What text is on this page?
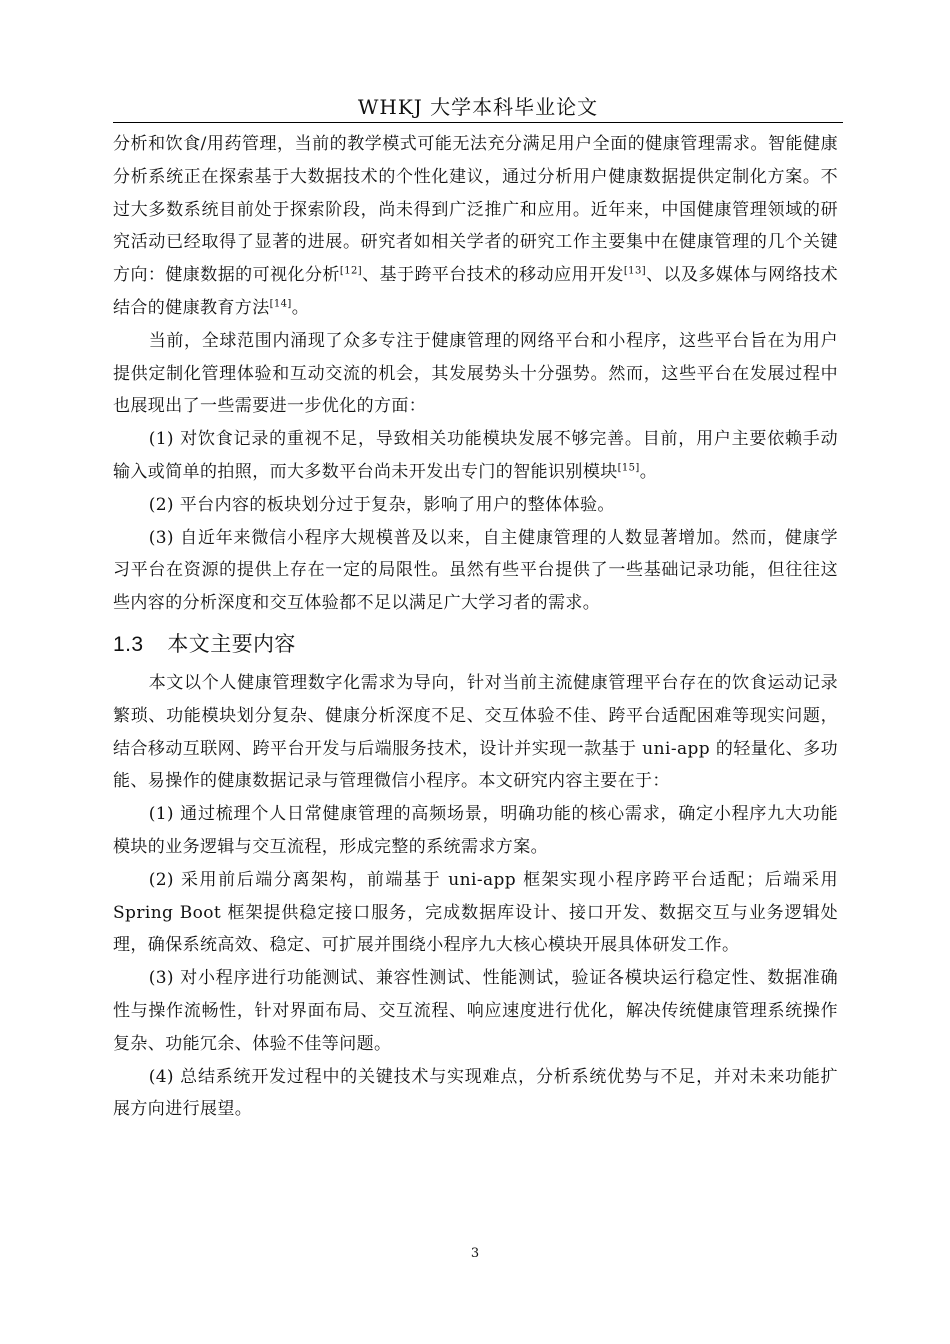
WHKJ 大学本科毕业论文

分析和饮食/用药管理，当前的教学模式可能无法充分满足用户全面的健康管理需求。智能健康分析系统正在探索基于大数据技术的个性化建议，通过分析用户健康数据提供定制化方案。不过大多数系统目前处于探索阶段，尚未得到广泛推广和应用。近年来，中国健康管理领域的研究活动已经取得了显著的进展。研究者如相关学者的研究工作主要集中在健康管理的几个关键方向：健康数据的可视化分析[12]、基于跨平台技术的移动应用开发[13]、以及多媒体与网络技术结合的健康教育方法[14]。

当前，全球范围内涌现了众多专注于健康管理的网络平台和小程序，这些平台旨在为用户提供定制化管理体验和互动交流的机会，其发展势头十分强势。然而，这些平台在发展过程中也展现出了一些需要进一步优化的方面：

(1) 对饮食记录的重视不足，导致相关功能模块发展不够完善。目前，用户主要依赖手动输入或简单的拍照，而大多数平台尚未开发出专门的智能识别模块[15]。

(2) 平台内容的板块划分过于复杂，影响了用户的整体体验。

(3) 自近年来微信小程序大规模普及以来，自主健康管理的人数显著增加。然而，健康学习平台在资源的提供上存在一定的局限性。虽然有些平台提供了一些基础记录功能，但往往这些内容的分析深度和交互体验都不足以满足广大学习者的需求。

1.3 本文主要内容

本文以个人健康管理数字化需求为导向，针对当前主流健康管理平台存在的饮食运动记录繁琐、功能模块划分复杂、健康分析深度不足、交互体验不佳、跨平台适配困难等现实问题，结合移动互联网、跨平台开发与后端服务技术，设计并实现一款基于 uni-app 的轻量化、多功能、易操作的健康数据记录与管理微信小程序。本文研究内容主要在于：

(1) 通过梳理个人日常健康管理的高频场景，明确功能的核心需求，确定小程序九大功能模块的业务逻辑与交互流程，形成完整的系统需求方案。

(2) 采用前后端分离架构，前端基于 uni-app 框架实现小程序跨平台适配；后端采用 Spring Boot 框架提供稳定接口服务，完成数据库设计、接口开发、数据交互与业务逻辑处理，确保系统高效、稳定、可扩展并围绕小程序九大核心模块开展具体研发工作。

(3) 对小程序进行功能测试、兼容性测试、性能测试，验证各模块运行稳定性、数据准确性与操作流畅性，针对界面布局、交互流程、响应速度进行优化，解决传统健康管理系统操作复杂、功能冗余、体验不佳等问题。

(4) 总结系统开发过程中的关键技术与实现难点，分析系统优势与不足，并对未来功能扩展方向进行展望。

3
